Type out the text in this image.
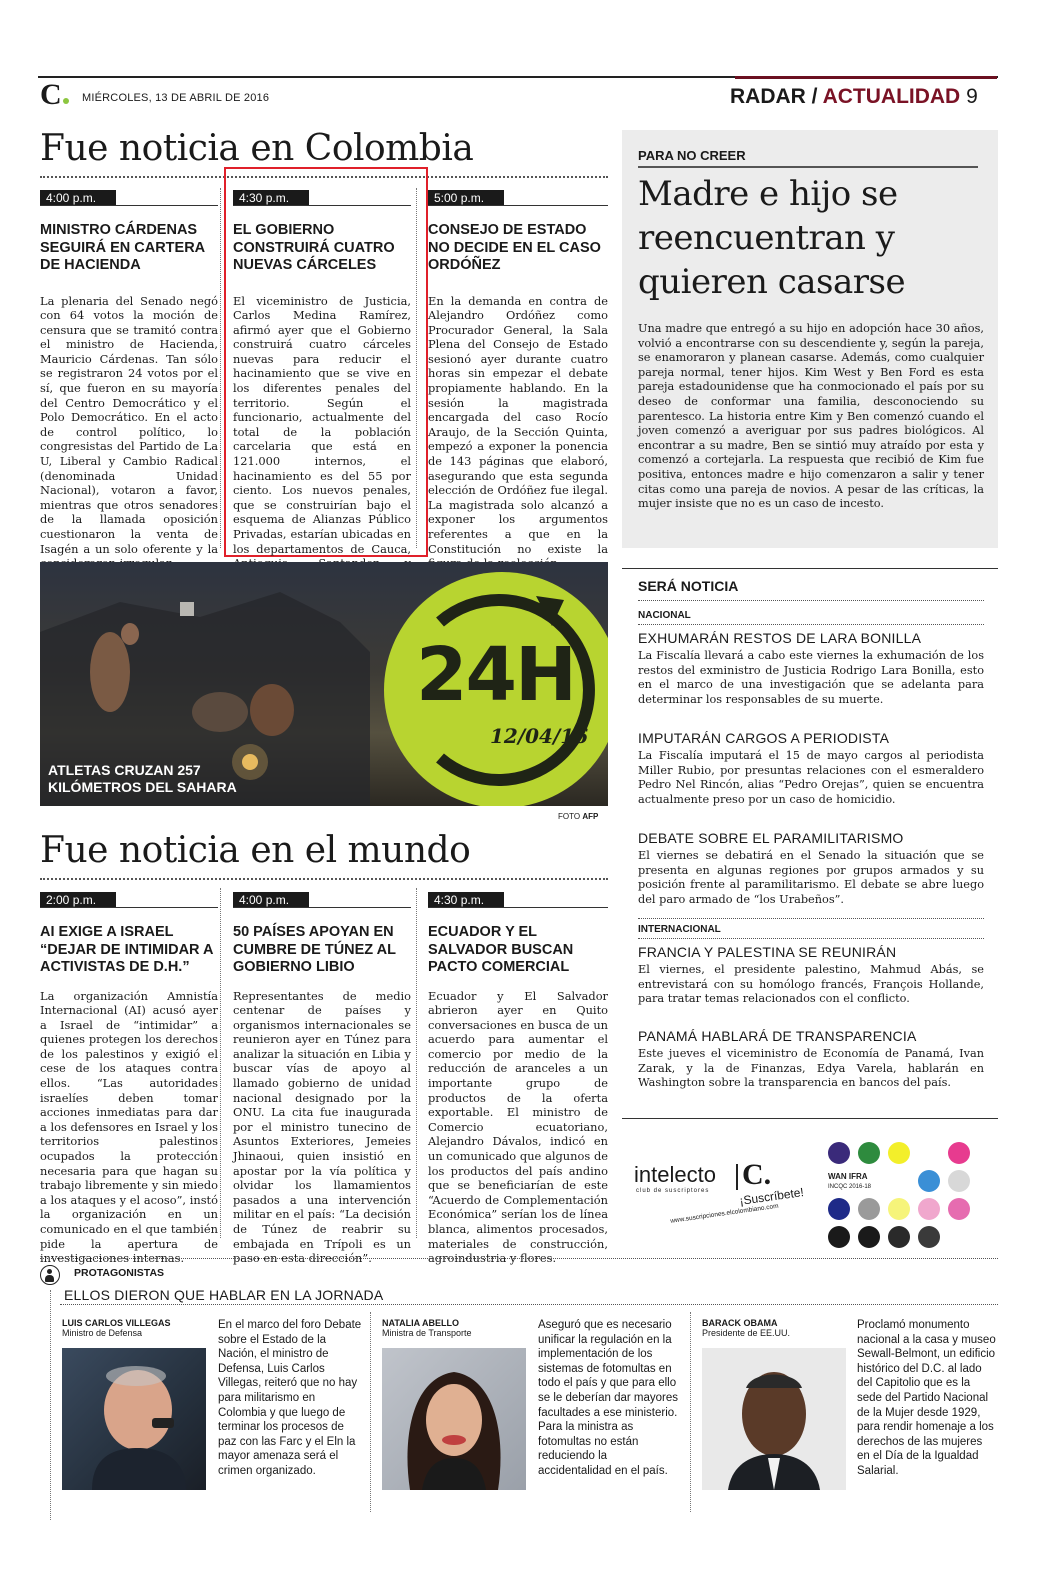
C MIÉRCOLES, 13 DE ABRIL DE 2016	RADAR / ACTUALIDAD 9
Fue noticia en Colombia
4:00 p.m.
MINISTRO CÁRDENAS SEGUIRÁ EN CARTERA DE HACIENDA
La plenaria del Senado negó con 64 votos la moción de censura que se tramitó contra el ministro de Hacienda, Mauricio Cárdenas. Tan sólo se registraron 24 votos por el sí, que fueron en su mayoría del Centro Democrático y el Polo Democrático. En el acto de control político, lo congresistas del Partido de La U, Liberal y Cambio Radical (denominada Unidad Nacional), votaron a favor, mientras que otros senadores de la llamada oposición cuestionaron la venta de Isagén a un solo oferente y la
4:30 p.m.
EL GOBIERNO CONSTRUIRÁ CUATRO NUEVAS CÁRCELES
El viceministro de Justicia, Carlos Medina Ramírez, afirmó ayer que el Gobierno construirá cuatro cárceles nuevas para reducir el hacinamiento que se vive en los diferentes penales del territorio. Según el funcionario, actualmente del total de la población carcelaria que está en 121.000 internos, el hacinamiento es del 55 por ciento. Los nuevos penales, que se construirían bajo el esquema de Alianzas Público Privadas, estarían ubicadas en los departamentos de Cauca,
5:00 p.m.
CONSEJO DE ESTADO NO DECIDE EN EL CASO ORDÓÑEZ
En la demanda en contra de Alejandro Ordóñez como Procurador General, la Sala Plena del Consejo de Estado sesionó ayer durante cuatro horas sin empezar el debate propiamente hablando. En la sesión la magistrada encargada del caso Rocío Araujo, de la Sección Quinta, empezó a exponer la ponencia de 143 páginas que elaboró, asegurando que esta segunda elección de Ordóñez fue ilegal. La magistrada solo alcanzó a exponer los argumentos referentes a que en la Constitución no existe la
24H
12/04/16
ATLETAS CRUZAN 257
KILÓMETROS DEL SAHARA
FOTO AFP
Fue noticia en el mundo
2:00 p.m.
AI EXIGE A ISRAEL “DEJAR DE INTIMIDAR A ACTIVISTAS DE D.H.”
La organización Amnistía Internacional (AI) acusó ayer a Israel de “intimidar” a quienes protegen los derechos de los palestinos y exigió el cese de los ataques contra ellos. “Las autoridades israelíes deben tomar acciones inmediatas para dar a los defensores en Israel y los territorios palestinos ocupados la protección necesaria para que hagan su trabajo libremente y sin miedo a los ataques y el acoso”, instó la organización en un comunicado en el que también pide la apertura de investigaciones internas.
4:00 p.m.
50 PAÍSES APOYAN EN CUMBRE DE TÚNEZ AL GOBIERNO LIBIO
Representantes de medio centenar de países y organismos internacionales se reunieron ayer en Túnez para analizar la situación en Libia y buscar vías de apoyo al llamado gobierno de unidad nacional designado por la ONU. La cita fue inaugurada por el ministro tunecino de Asuntos Exteriores, Jemeies Jhinaoui, quien insistió en apostar por la vía política y olvidar los llamamientos pasados a una intervención militar en el país: “La decisión de Túnez de reabrir su embajada en Trípoli es un paso en esta dirección”.
4:30 p.m.
ECUADOR Y EL SALVADOR BUSCAN PACTO COMERCIAL
Ecuador y El Salvador abrieron ayer en Quito conversaciones en busca de un acuerdo para aumentar el comercio por medio de la reducción de aranceles a un importante grupo de productos de la oferta exportable. El ministro de Comercio ecuatoriano, Alejandro Dávalos, indicó en un comunicado que algunos de los productos del país andino que se beneficiarían de este “Acuerdo de Complementación Económica” serían los de línea blanca, alimentos procesados, materiales de construcción, agroindustria y flores.
PARA NO CREER
Madre e hijo se reencuentran y quieren casarse
Una madre que entregó a su hijo en adopción hace 30 años, volvió a encontrarse con su descendiente y, según la pareja, se enamoraron y planean casarse. Además, como cualquier pareja normal, tener hijos. Kim West y Ben Ford es esta pareja estadounidense que ha conmocionado el país por su deseo de conformar una familia, desconociendo su parentesco. La historia entre Kim y Ben comenzó cuando el joven comenzó a averiguar por sus padres biológicos. Al encontrar a su madre, Ben se sintió muy atraído por esta y comenzó a cortejarla. La respuesta que recibió de Kim fue positiva, entonces madre e hijo comenzaron a salir y tener citas como una pareja de novios. A pesar de las críticas, la mujer insiste que no es un caso de incesto.
SERÁ NOTICIA
NACIONAL
EXHUMARÁN RESTOS DE LARA BONILLA
La Fiscalía llevará a cabo este viernes la exhumación de los restos del exministro de Justicia Rodrigo Lara Bonilla, esto en el marco de una investigación que se adelanta para determinar los responsables de su muerte.
IMPUTARÁN CARGOS A PERIODISTA
La Fiscalía imputará el 15 de mayo cargos al periodista Miller Rubio, por presuntas relaciones con el esmeraldero Pedro Nel Rincón, alias “Pedro Orejas”, quien se encuentra actualmente preso por un caso de homicidio.
DEBATE SOBRE EL PARAMILITARISMO
El viernes se debatirá en el Senado la situación que se presenta en algunas regiones por grupos armados y su posición frente al paramilitarismo. El debate se abre luego del paro armado de “los Urabeños”.
INTERNACIONAL
FRANCIA Y PALESTINA SE REUNIRÁN
El viernes, el presidente palestino, Mahmud Abás, se entrevistará con su homólogo francés, François Hollande, para tratar temas relacionados con el conflicto.
PANAMÁ HABLARÁ DE TRANSPARENCIA
Este jueves el viceministro de Economía de Panamá, Ivan Zarak, y la de Finanzas, Edya Varela, hablarán en Washington sobre la transparencia en bancos del país.
intelecto
club de suscriptores C.
¡Suscríbete!
www.suscripciones.elcolombiano.com
WAN IFRA
INCQC 2016-18
PROTAGONISTAS
ELLOS DIERON QUE HABLAR EN LA JORNADA
LUIS CARLOS VILLEGAS
Ministro de Defensa
En el marco del foro Debate sobre el Estado de la Nación, el ministro de Defensa, Luis Carlos Villegas, reiteró que no hay para militarismo en Colombia y que luego de terminar los procesos de paz con las Farc y el Eln la mayor amenaza será el crimen organizado.
NATALIA ABELLO
Ministra de Transporte
Aseguró que es necesario unificar la regulación en la implementación de los sistemas de fotomultas en todo el país y que para ello se le deberían dar mayores facultades a ese ministerio. Para la ministra as fotomultas no están reduciendo la accidentalidad en el país.
BARACK OBAMA
Presidente de EE.UU.
Proclamó monumento nacional a la casa y museo Sewall-Belmont, un edificio histórico del D.C. al lado del Capitolio que es la sede del Partido Nacional de la Mujer desde 1929, para rendir homenaje a los derechos de las mujeres en el Día de la Igualdad Salarial.
